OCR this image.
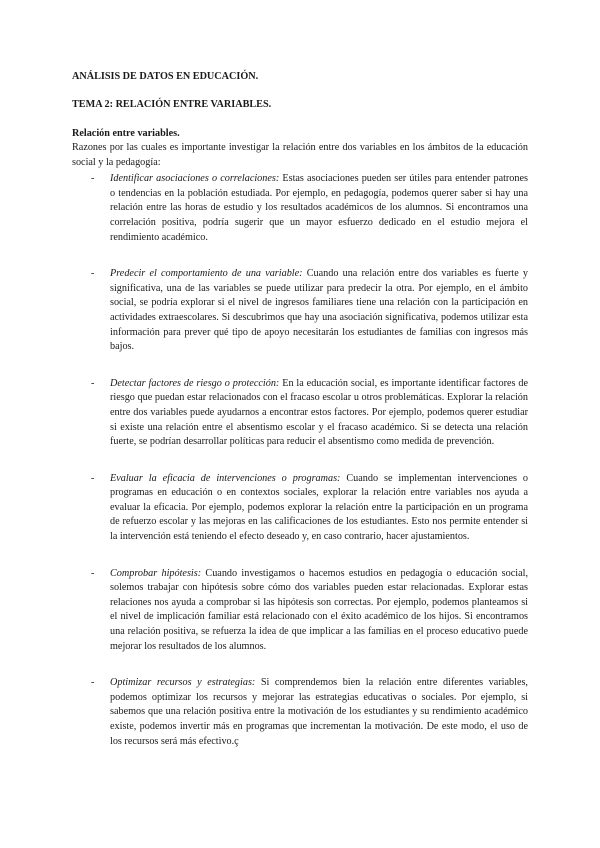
ANÁLISIS DE DATOS EN EDUCACIÓN.

TEMA 2: RELACIÓN ENTRE VARIABLES.

Relación entre variables.

Razones por las cuales es importante investigar la relación entre dos variables en los ámbitos de la educación social y la pedagogía:

- Identificar asociaciones o correlaciones: Estas asociaciones pueden ser útiles para entender patrones o tendencias en la población estudiada. Por ejemplo, en pedagogía, podemos querer saber si hay una relación entre las horas de estudio y los resultados académicos de los alumnos. Si encontramos una correlación positiva, podría sugerir que un mayor esfuerzo dedicado en el estudio mejora el rendimiento académico.
- Predecir el comportamiento de una variable: Cuando una relación entre dos variables es fuerte y significativa, una de las variables se puede utilizar para predecir la otra. Por ejemplo, en el ámbito social, se podría explorar si el nivel de ingresos familiares tiene una relación con la participación en actividades extraescolares. Si descubrimos que hay una asociación significativa, podemos utilizar esta información para prever qué tipo de apoyo necesitarán los estudiantes de familias con ingresos más bajos.
- Detectar factores de riesgo o protección: En la educación social, es importante identificar factores de riesgo que puedan estar relacionados con el fracaso escolar u otros problemáticas. Explorar la relación entre dos variables puede ayudarnos a encontrar estos factores. Por ejemplo, podemos querer estudiar si existe una relación entre el absentismo escolar y el fracaso académico. Si se detecta una relación fuerte, se podrían desarrollar políticas para reducir el absentismo como medida de prevención.
- Evaluar la eficacia de intervenciones o programas: Cuando se implementan intervenciones o programas en educación o en contextos sociales, explorar la relación entre variables nos ayuda a evaluar la eficacia. Por ejemplo, podemos explorar la relación entre la participación en un programa de refuerzo escolar y las mejoras en las calificaciones de los estudiantes. Esto nos permite entender si la intervención está teniendo el efecto deseado y, en caso contrario, hacer ajustamientos.
- Comprobar hipótesis: Cuando investigamos o hacemos estudios en pedagogía o educación social, solemos trabajar con hipótesis sobre cómo dos variables pueden estar relacionadas. Explorar estas relaciones nos ayuda a comprobar si las hipótesis son correctas. Por ejemplo, podemos planteamos si el nivel de implicación familiar está relacionado con el éxito académico de los hijos. Si encontramos una relación positiva, se refuerza la idea de que implicar a las familias en el proceso educativo puede mejorar los resultados de los alumnos.
- Optimizar recursos y estrategias: Si comprendemos bien la relación entre diferentes variables, podemos optimizar los recursos y mejorar las estrategias educativas o sociales. Por ejemplo, si sabemos que una relación positiva entre la motivación de los estudiantes y su rendimiento académico existe, podemos invertir más en programas que incrementan la motivación. De este modo, el uso de los recursos será más efectivo.ç
